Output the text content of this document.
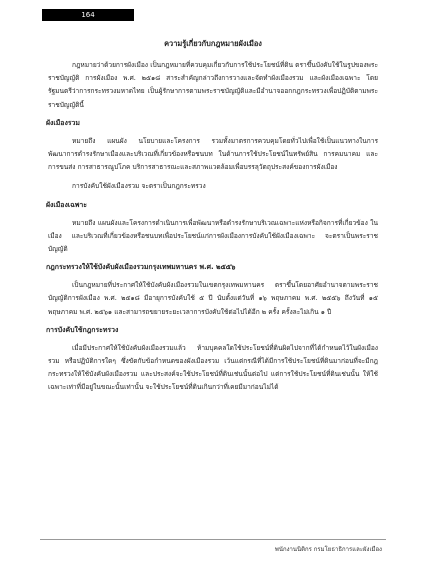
164
ความรู้เกี่ยวกับกฎหมายผังเมือง
กฎหมายว่าด้วยการผังเมือง เป็นกฎหมายที่ควบคุมเกี่ยวกับการใช้ประโยชน์ที่ดิน ตราขึ้นบังคับใช้ในรูปของพระราชบัญญัติ การผังเมือง พ.ศ. ๒๕๑๘ สาระสำคัญกล่าวถึงการวางและจัดทำผังเมืองรวม และผังเมืองเฉพาะ โดยรัฐมนตรีว่าการกระทรวงมหาดไทย เป็นผู้รักษาการตามพระราชบัญญัติและมีอำนาจออกกฎกระทรวงเพื่อปฏิบัติตามพระราชบัญญัตินี้
ผังเมืองรวม
หมายถึง แผนผัง นโยบายและโครงการ รวมทั้งมาตรการควบคุมโดยทั่วไปเพื่อใช้เป็นแนวทางในการพัฒนาการดำรงรักษาเมืองและบริเวณที่เกี่ยวข้องหรือชนบท ในด้านการใช้ประโยชน์ในทรัพย์สิน การคมนาคม และการขนส่ง การสาธารณูปโภค บริการสาธารณะและสภาพแวดล้อมเพื่อบรรลุวัตถุประสงค์ของการผังเมือง
การบังคับใช้ผังเมืองรวม จะตราเป็นกฎกระทรวง
ผังเมืองเฉพาะ
หมายถึง แผนผังและโครงการดำเนินการเพื่อพัฒนาหรือดำรงรักษาบริเวณเฉพาะแห่งหรือกิจการที่เกี่ยวข้อง ในเมือง และบริเวณที่เกี่ยวข้องหรือชนบทเพื่อประโยชน์แก่การผังเมืองการบังคับใช้ผังเมืองเฉพาะ จะตราเป็นพระราชบัญญัติ
กฎกระทรวงให้ใช้บังคับผังเมืองรวมกรุงเทพมหานคร พ.ศ. ๒๕๕๖
เป็นกฎหมายที่ประกาศให้ใช้บังคับผังเมืองรวมในเขตกรุงเทพมหานคร ตราขึ้นโดยอาศัยอำนาจตามพระราชบัญญัติการผังเมือง พ.ศ. ๒๕๑๘ มีอายุการบังคับใช้ ๕ ปี นับตั้งแต่วันที่ ๑๖ พฤษภาคม พ.ศ. ๒๕๕๖ ถึงวันที่ ๑๕ พฤษภาคม พ.ศ. ๒๕๖๑ และสามารถขยายระยะเวลาการบังคับใช้ต่อไปได้อีก ๒ ครั้ง ครั้งละไม่เกิน ๑ ปี
การบังคับใช้กฎกระทรวง
เมื่อมีประกาศให้ใช้บังคับผังเมืองรวมแล้ว ห้ามบุคคลใดใช้ประโยชน์ที่ดินผิดไปจากที่ได้กำหนดไว้ในผังเมืองรวม หรือปฏิบัติการใดๆ ซึ่งขัดกับข้อกำหนดของผังเมืองรวม เว้นแต่กรณีที่ได้มีการใช้ประโยชน์ที่ดินมาก่อนที่จะมีกฎกระทรวงให้ใช้บังคับผังเมืองรวม และประสงค์จะใช้ประโยชน์ที่ดินเช่นนั้นต่อไป แต่การใช้ประโยชน์ที่ดินเช่นนั้น ให้ใช้เฉพาะเท่าที่มีอยู่ในขณะนั้นเท่านั้น จะใช้ประโยชน์ที่ดินเกินกว่าที่เคยมีมาก่อนไม่ได้
พนักงานนิติกร กรมโยธาธิการและผังเมือง
